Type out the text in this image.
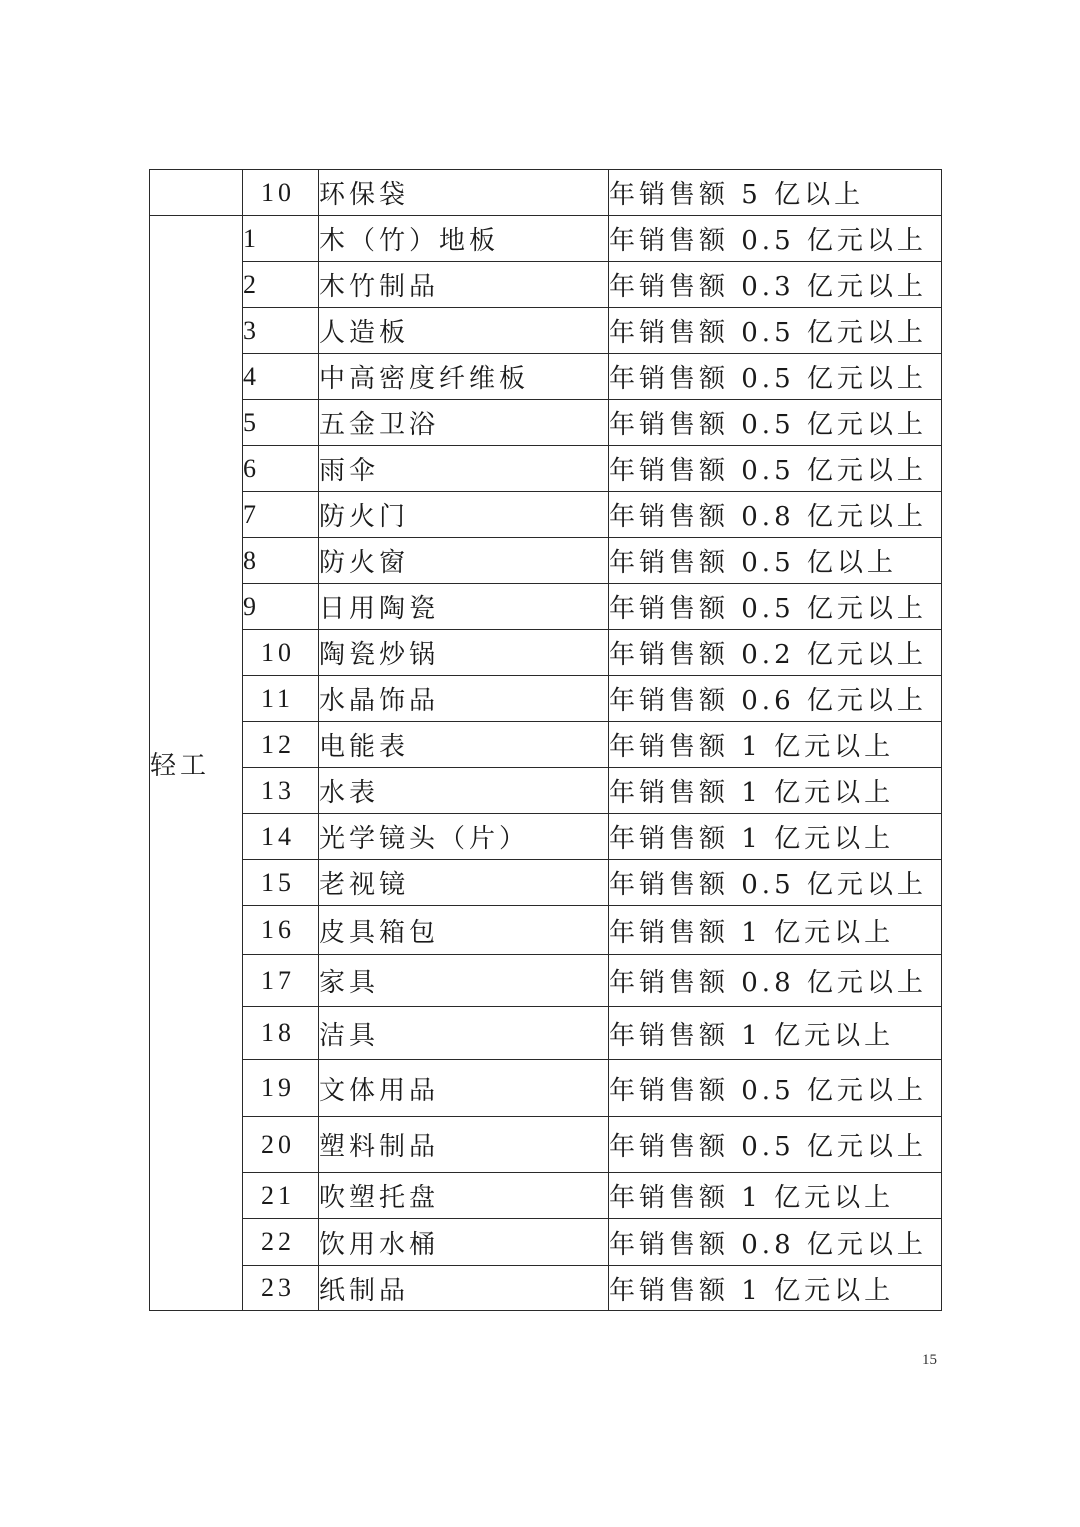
	10	环保袋	年销售额 5 亿以上
轻工	1	木（竹）地板	年销售额 0.5 亿元以上
	2	木竹制品	年销售额 0.3 亿元以上
	3	人造板	年销售额 0.5 亿元以上
	4	中高密度纤维板	年销售额 0.5 亿元以上
	5	五金卫浴	年销售额 0.5 亿元以上
	6	雨伞	年销售额 0.5 亿元以上
	7	防火门	年销售额 0.8 亿元以上
	8	防火窗	年销售额 0.5 亿以上
	9	日用陶瓷	年销售额 0.5 亿元以上
	10	陶瓷炒锅	年销售额 0.2 亿元以上
	11	水晶饰品	年销售额 0.6 亿元以上
	12	电能表	年销售额 1 亿元以上
	13	水表	年销售额 1 亿元以上
	14	光学镜头（片）	年销售额 1 亿元以上
	15	老视镜	年销售额 0.5 亿元以上
	16	皮具箱包	年销售额 1 亿元以上
	17	家具	年销售额 0.8 亿元以上
	18	洁具	年销售额 1 亿元以上
	19	文体用品	年销售额 0.5 亿元以上
	20	塑料制品	年销售额 0.5 亿元以上
	21	吹塑托盘	年销售额 1 亿元以上
	22	饮用水桶	年销售额 0.8 亿元以上
	23	纸制品	年销售额 1 亿元以上
15
